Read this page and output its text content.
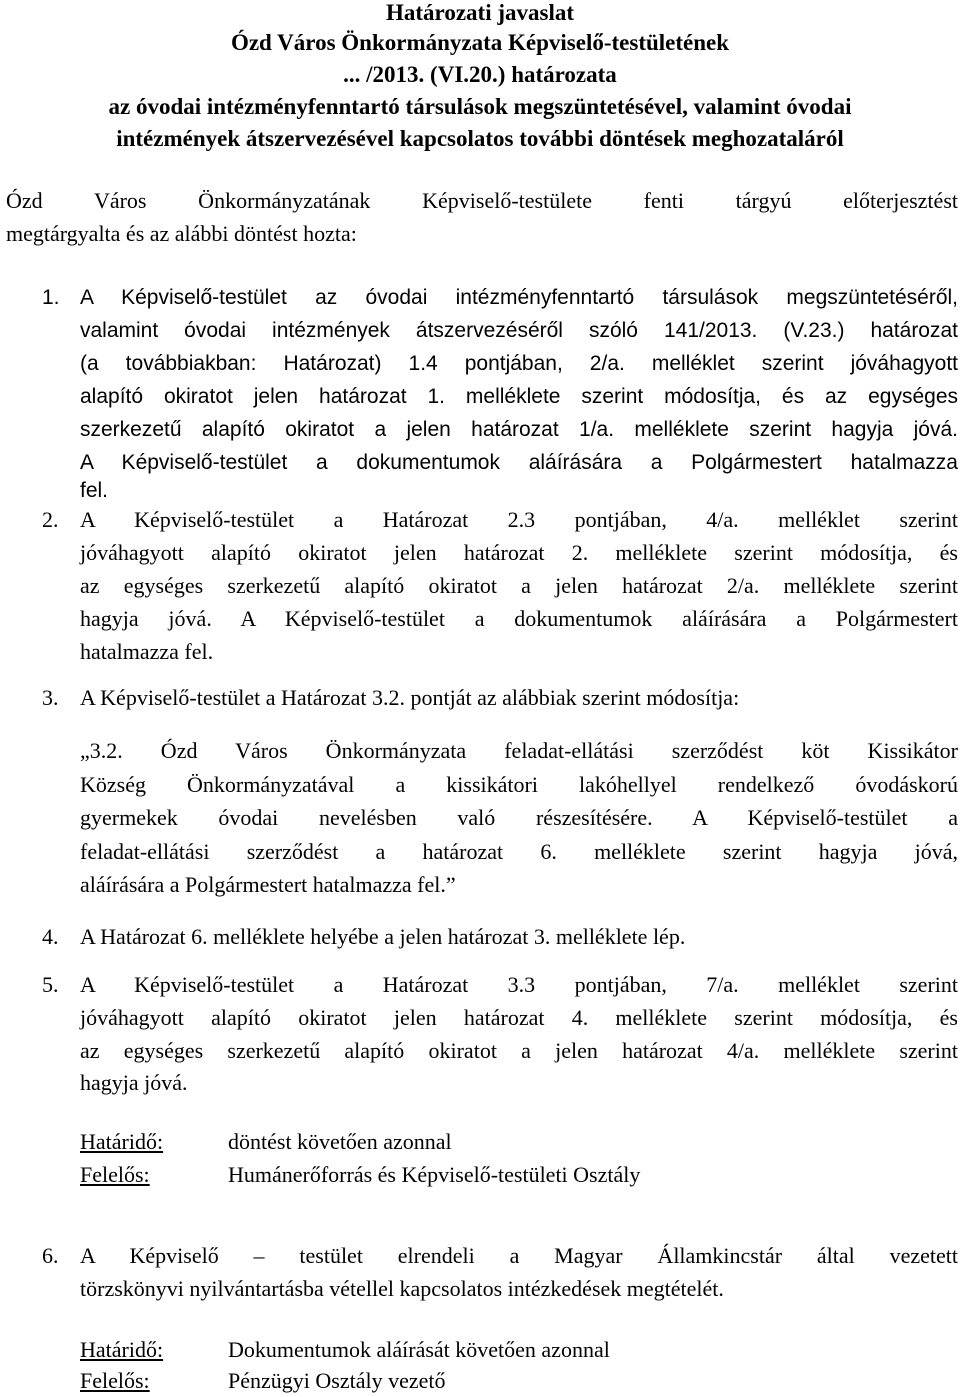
Határozati javaslat
Ózd Város Önkormányzata Képviselő-testületének
... /2013. (VI.20.) határozata
az óvodai intézményfenntartó társulások megszüntetésével, valamint óvodai
intézmények átszervezésével kapcsolatos további döntések meghozataláról
Ózd Város Önkormányzatának Képviselő-testülete fenti tárgyú előterjesztést
megtárgyalta és az alábbi döntést hozta:
1. A Képviselő-testület az óvodai intézményfenntartó társulások megszüntetéséről,
valamint óvodai intézmények átszervezéséről szóló 141/2013. (V.23.) határozat
(a továbbiakban: Határozat) 1.4 pontjában, 2/a. melléklet szerint jóváhagyott
alapító okiratot jelen határozat 1. melléklete szerint módosítja, és az egységes
szerkezetű alapító okiratot a jelen határozat 1/a. melléklete szerint hagyja jóvá.
A Képviselő-testület a dokumentumok aláírására a Polgármestert hatalmazza
fel.
2. A Képviselő-testület a Határozat 2.3 pontjában, 4/a. melléklet szerint
jóváhagyott alapító okiratot jelen határozat 2. melléklete szerint módosítja, és
az egységes szerkezetű alapító okiratot a jelen határozat 2/a. melléklete szerint
hagyja jóvá. A Képviselő-testület a dokumentumok aláírására a Polgármestert
hatalmazza fel.
3. A Képviselő-testület a Határozat 3.2. pontját az alábbiak szerint módosítja:
„3.2. Ózd Város Önkormányzata feladat-ellátási szerződést köt Kissikátor
Község Önkormányzatával a kissikátori lakóhellyel rendelkező óvodáskorú
gyermekek óvodai nevelésben való részesítésére. A Képviselő-testület a
feladat-ellátási szerződést a határozat 6. melléklete szerint hagyja jóvá,
aláírására a Polgármestert hatalmazza fel.”
4. A Határozat 6. melléklete helyébe a jelen határozat 3. melléklete lép.
5. A Képviselő-testület a Határozat 3.3 pontjában, 7/a. melléklet szerint
jóváhagyott alapító okiratot jelen határozat 4. melléklete szerint módosítja, és
az egységes szerkezetű alapító okiratot a jelen határozat 4/a. melléklete szerint
hagyja jóvá.
Határidő:	döntést követően azonnal
Felelős:	Humánerőforrás és Képviselő-testületi Osztály
6. A Képviselő – testület elrendeli a Magyar Államkincstár által vezetett
törzskönyvi nyilvántartásba vétellel kapcsolatos intézkedések megtételét.
Határidő:	Dokumentumok aláírását követően azonnal
Felelős:	Pénzügyi Osztály vezető
